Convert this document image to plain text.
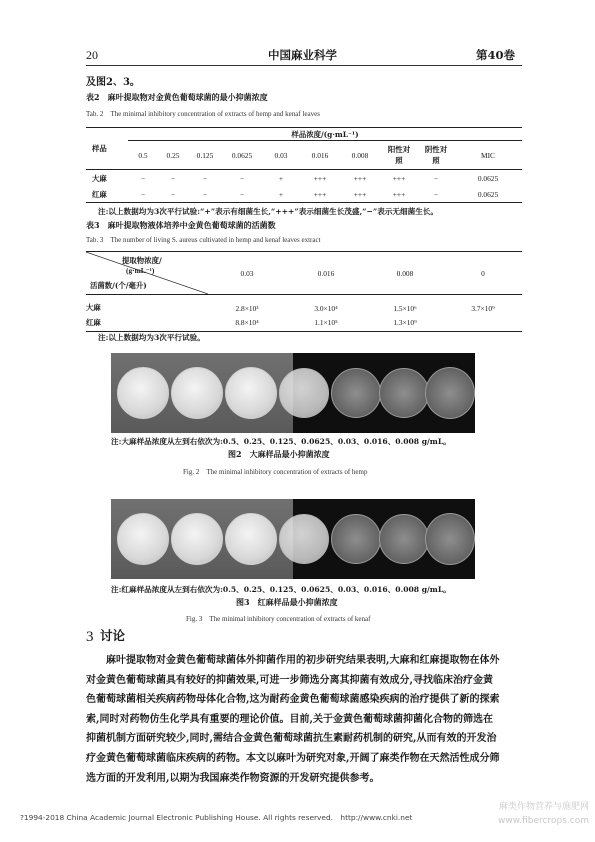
20	中国麻业科学	第40卷
及图2、3。
表2　麻叶提取物对金黄色葡萄球菌的最小抑菌浓度
Tab. 2　The minimal inhibitory concentration of extracts of hemp and kenaf leaves
样品	样品浓度/(g·mL⁻¹)									
	0.5	0.25	0.125	0.0625	0.03	0.016	0.008	阳性对照	阴性对照	MIC
大麻	−	−	−	−	+	+++	+++	+++	−	0.0625
红麻	−	−	−	−	+	+++	+++	+++	−	0.0625
注:以上数据均为3次平行试验:“+”表示有细菌生长,“+++”表示细菌生长茂盛,“−”表示无细菌生长。
表3　麻叶提取物液体培养中金黄色葡萄球菌的活菌数
Tab. 3　The number of living S. aureus cultivated in hemp and kenaf leaves extract
提取物浓度/
(g·mL⁻¹)
活菌数/(个/毫升)	0.03	0.016	0.008	0
大麻	2.8×10³	3.0×10⁴	1.5×10⁶	3.7×10⁹
红麻	8.8×10⁴	1.1×10⁵	1.3×10⁹	
注:以上数据均为3次平行试验。
注:大麻样品浓度从左到右依次为:0.5、0.25、0.125、0.0625、0.03、0.016、0.008 g/mL。
图2　大麻样品最小抑菌浓度
Fig. 2　The minimal inhibitory concentration of extracts of hemp
注:红麻样品浓度从左到右依次为:0.5、0.25、0.125、0.0625、0.03、0.016、0.008 g/mL。
图3　红麻样品最小抑菌浓度
Fig. 3　The minimal inhibitory concentration of extracts of kenaf
3 讨论
　　麻叶提取物对金黄色葡萄球菌体外抑菌作用的初步研究结果表明,大麻和红麻提取物在体外
对金黄色葡萄球菌具有较好的抑菌效果,可进一步筛选分离其抑菌有效成分,寻找临床治疗金黄
色葡萄球菌相关疾病药物母体化合物,这为耐药金黄色葡萄球菌感染疾病的治疗提供了新的探索
索,同时对药物仿生化学具有重要的理论价值。目前,关于金黄色葡萄球菌抑菌化合物的筛选在
抑菌机制方面研究较少,同时,需结合金黄色葡萄球菌抗生素耐药机制的研究,从而有效的开发治
疗金黄色葡萄球菌临床疾病的药物。本文以麻叶为研究对象,开阔了麻类作物在天然活性成分筛
选方面的开发利用,以期为我国麻类作物资源的开发研究提供参考。
?1994-2018 China Academic Journal Electronic Publishing House. All rights reserved.　http://www.cnki.net
麻类作物营养与施肥网
www.fibercrops.com
